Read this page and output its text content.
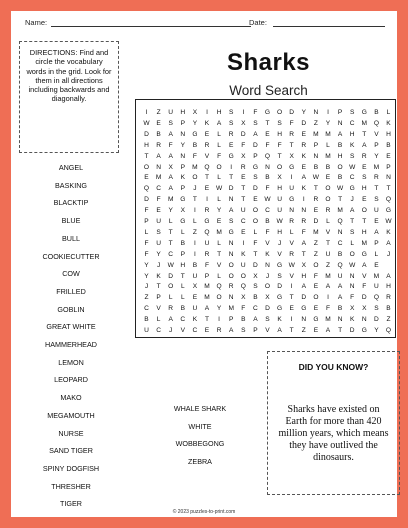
Name:	Date:
DIRECTIONS: Find and circle the vocabulary words in the grid. Look for them in all directions including backwards and diagonally.
Sharks
Word Search
I	Z	U	H	X	I	H	S	I	F	G	O	D	Y	N	I	P	S	G	B	L
W	E	S	P	Y	K	A	S	X	S	T	S	F	D	Z	Y	N	C	M	Q	K
D	B	A	N	G	E	L	R	D	A	E	H	R	E	M	M	A	H	T	V	H
H	R	F	Y	B	R	L	E	F	D	F	F	T	R	P	L	B	K	A	P	B
T	A	A	N	F	V	F	G	X	P	Q	T	X	K	N	M	H	S	R	Y	E
O	N	X	P	M	Q	O	I	R	G	N	O	G	E	B	B	O W	E	M	P
E	M	A	K	O	T	L	T	E	S	B	X	I	A	W	E	B	C	S	R	N
Q	C	A	P	J	E	W D	T	D	F	H	U	K	T	O W G	H	T	T
D	F	M	G	T	I	L	N	T	E	W U	G	I	R	O	T	J	E	S	Q
F	E	Y	X	I	R	Y	A	U	O	C	U	N	N	E	R	M	A	O	U	G
P	U	L	G	L	G	E	S	C	O	B	W R	R	D	L	Q	T	T	E	W
L	S	T	L	Z	Q	M	G	E	L	F	H	L	F	M	V	N	S	H	A	K
F	U	T	B	I	U	L	N	I	F	V	J	V	A	Z	T	C	L	M	P	A
F	Y	C	P	I	R	T	N	K	T	K	V	R	T	Z	U	B	O	G	L	J
Y	J	W	H	B	F	V	O	U	D	N	G W	X	O	Z	Q W	A	E
Y	K	D	T	U	P	L	O	O	X	J	S	V	H	F	M	U	N	V	M	A
J	T	O	L	X	M	Q	R	Q	S	O	D	I	A	E	A	A	N	F	U	H
Z	P	L	L	E	M	O	N	X	B	X	G	T	D	O	I	A	F	D	Q	R
C	V	R	B	U	A	Y	M	F	C	D	G	E	G	E	F	B	X	X	S	B
B	L	A	C	K	T	I	P	B	A	S	K	I	N	G	M	N	K	N	D	Z
U	C	J	V	C	E	R	A	S	P	V	A	T	Z	E	A	T	D	G	Y	Q
ANGEL
BASKING
BLACKTIP
BLUE
BULL
COOKIECUTTER
COW
FRILLED
GOBLIN
GREAT WHITE
HAMMERHEAD
LEMON
LEOPARD
MAKO
MEGAMOUTH
NURSE
SAND TIGER
SPINY DOGFISH
THRESHER
TIGER
WHALE SHARK
WHITE
WOBBEGONG
ZEBRA
DID YOU KNOW?
Sharks have existed on Earth for more than 420 million years, which means they have outlived the dinosaurs.
© 2023 puzzles-to-print.com
